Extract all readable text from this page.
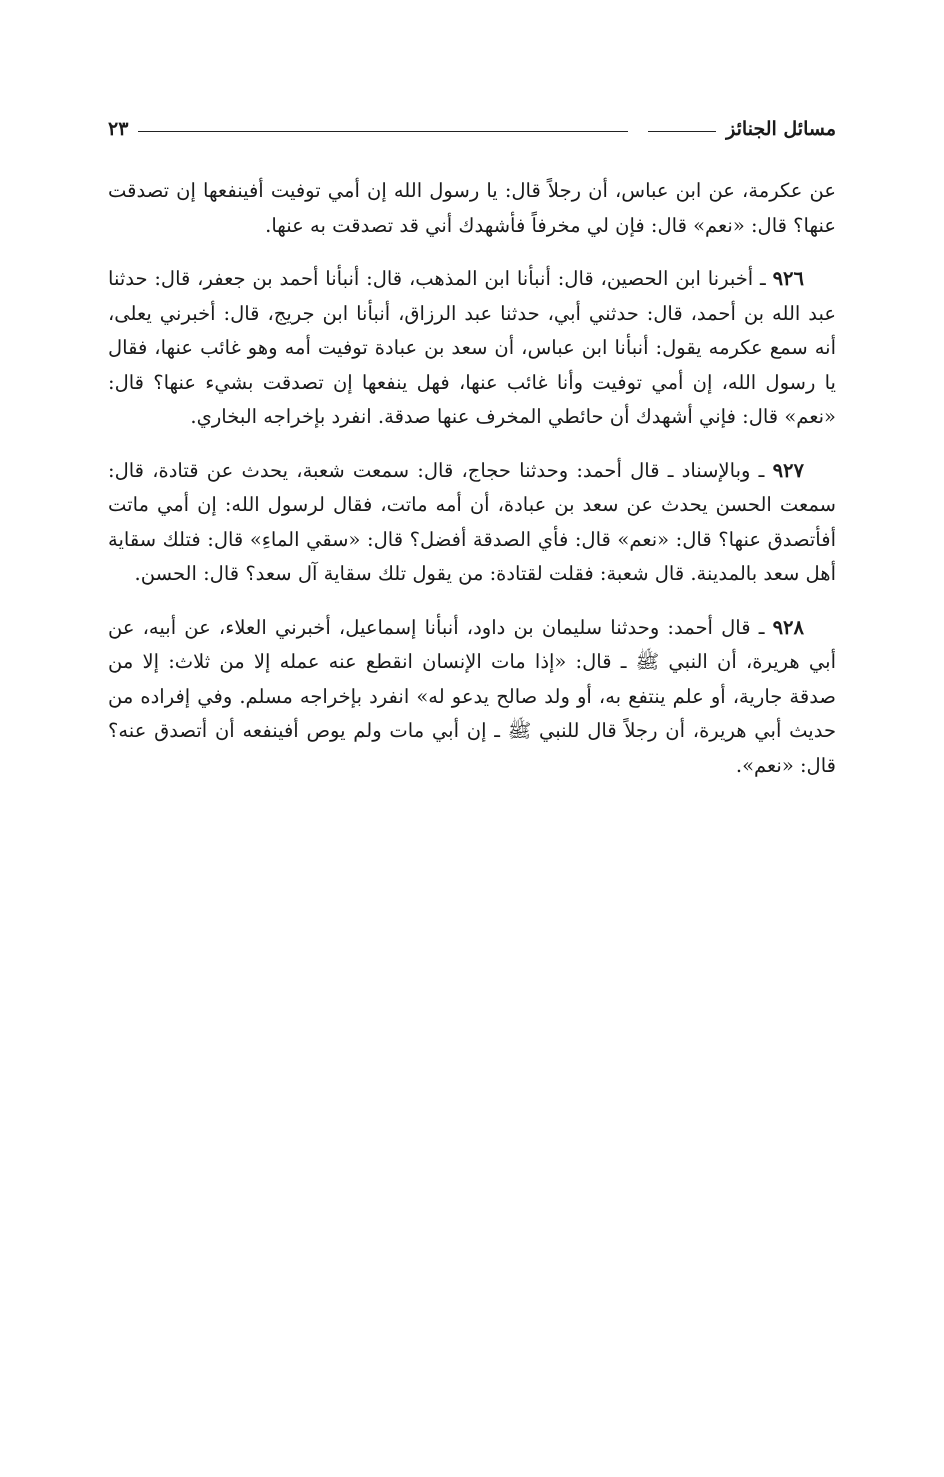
مسائل الجنائز
٢٣

عن عكرمة، عن ابن عباس، أن رجلاً قال: يا رسول الله إن أمي توفيت أفينفعها إن تصدقت عنها؟ قال: «نعم» قال: فإن لي مخرفاً فأشهدك أني قد تصدقت به عنها.

٩٢٦ ـ أخبرنا ابن الحصين، قال: أنبأنا ابن المذهب، قال: أنبأنا أحمد بن جعفر، قال: حدثنا عبد الله بن أحمد، قال: حدثني أبي، حدثنا عبد الرزاق، أنبأنا ابن جريج، قال: أخبرني يعلى، أنه سمع عكرمه يقول: أنبأنا ابن عباس، أن سعد بن عبادة توفيت أمه وهو غائب عنها، فقال يا رسول الله، إن أمي توفيت وأنا غائب عنها، فهل ينفعها إن تصدقت بشيء عنها؟ قال: «نعم» قال: فإني أشهدك أن حائطي المخرف عنها صدقة. انفرد بإخراجه البخاري.

٩٢٧ ـ وبالإسناد ـ قال أحمد: وحدثنا حجاج، قال: سمعت شعبة، يحدث عن قتادة، قال: سمعت الحسن يحدث عن سعد بن عبادة، أن أمه ماتت، فقال لرسول الله: إن أمي ماتت أفأتصدق عنها؟ قال: «نعم» قال: فأي الصدقة أفضل؟ قال: «سقي الماءِ» قال: فتلك سقاية أهل سعد بالمدينة. قال شعبة: فقلت لقتادة: من يقول تلك سقاية آل سعد؟ قال: الحسن.

٩٢٨ ـ قال أحمد: وحدثنا سليمان بن داود، أنبأنا إسماعيل، أخبرني العلاء، عن أبيه، عن أبي هريرة، أن النبي ﷺ ـ قال: «إذا مات الإنسان انقطع عنه عمله إلا من ثلاث: إلا من صدقة جارية، أو علم ينتفع به، أو ولد صالح يدعو له» انفرد بإخراجه مسلم. وفي إفراده من حديث أبي هريرة، أن رجلاً قال للنبي ﷺ ـ إن أبي مات ولم يوص أفينفعه أن أتصدق عنه؟ قال: «نعم».
